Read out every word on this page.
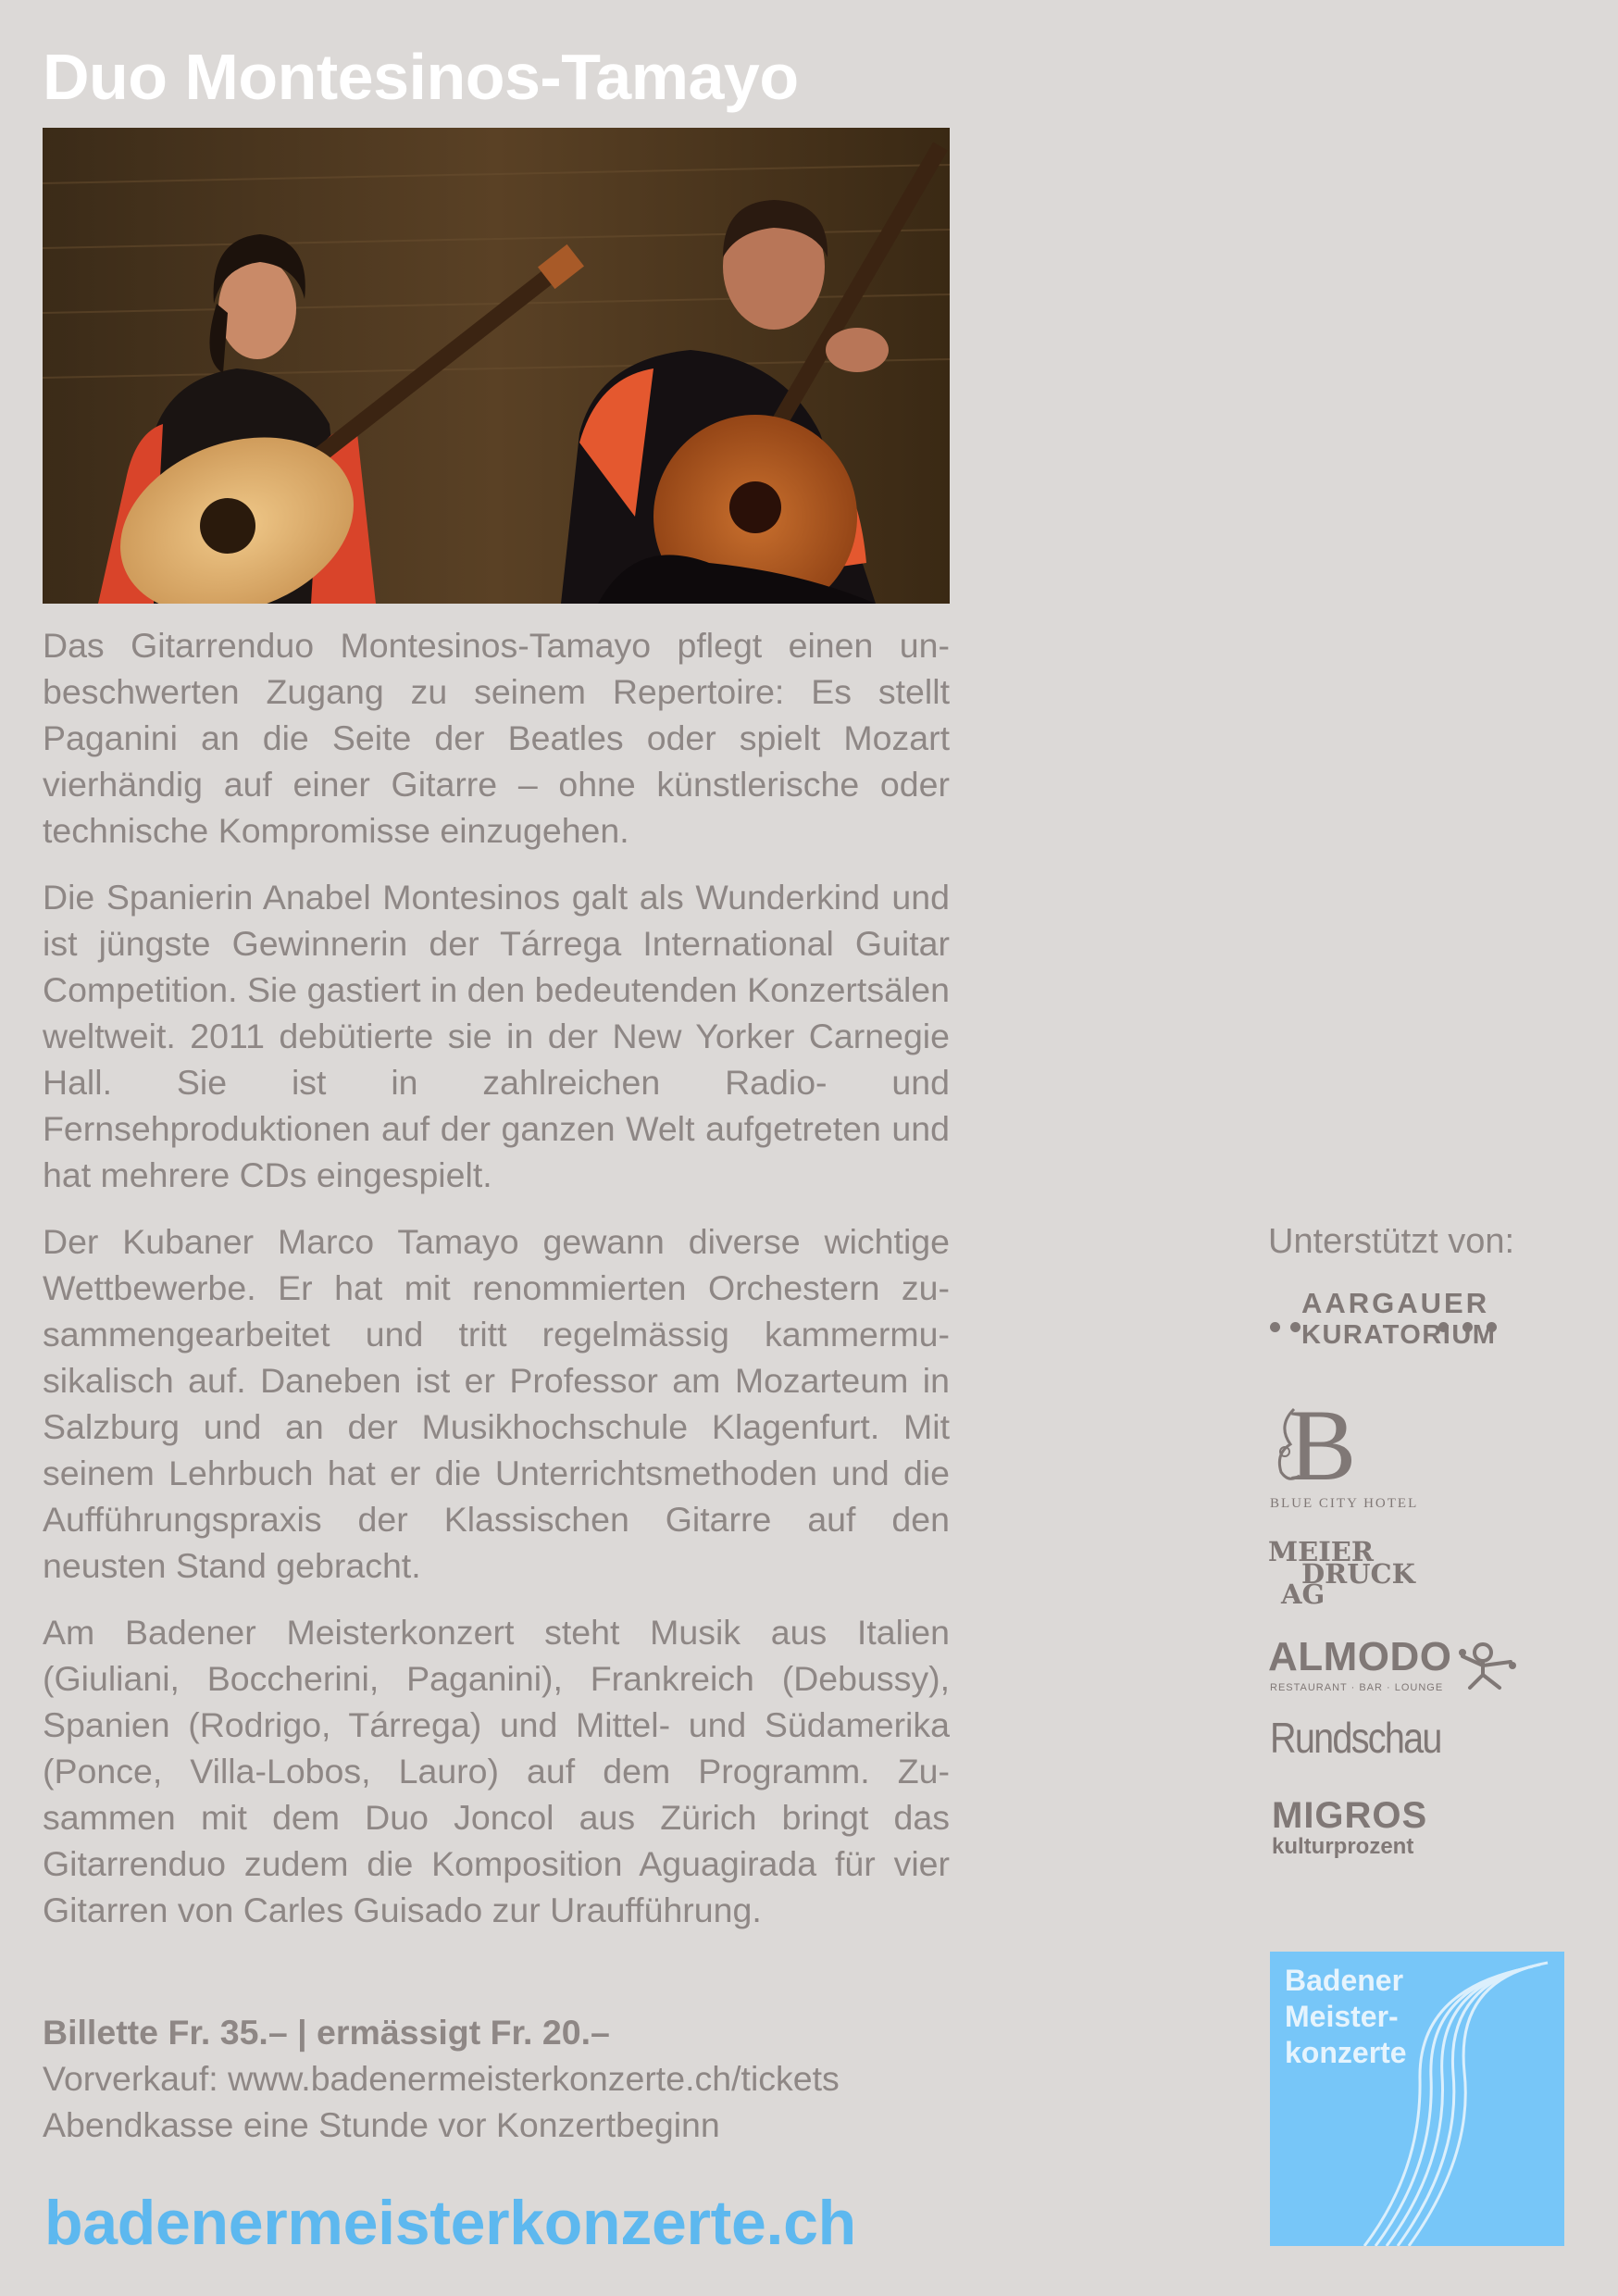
Duo Montesinos-Tamayo

Das Gitarrenduo Montesinos-Tamayo pflegt einen unbeschwerten Zugang zu seinem Repertoire: Es stellt Paganini an die Seite der Beatles oder spielt Mozart vierhändig auf einer Gitarre – ohne künstlerische oder technische Kompromisse einzugehen.

Die Spanierin Anabel Montesinos galt als Wunderkind und ist jüngste Gewinnerin der Tárrega International Guitar Competition. Sie gastiert in den bedeutenden Konzertsälen weltweit. 2011 debütierte sie in der New Yorker Carnegie Hall. Sie ist in zahlreichen Radio- und Fernsehproduktionen auf der ganzen Welt aufgetreten und hat mehrere CDs eingespielt.

Der Kubaner Marco Tamayo gewann diverse wichtige Wettbewerbe. Er hat mit renommierten Orchestern zusammengearbeitet und tritt regelmässig kammermusikalisch auf. Daneben ist er Professor am Mozarteum in Salzburg und an der Musikhochschule Klagenfurt. Mit seinem Lehrbuch hat er die Unterrichtsmethoden und die Aufführungspraxis der Klassischen Gitarre auf den neusten Stand gebracht.

Am Badener Meisterkonzert steht Musik aus Italien (Giuliani, Boccherini, Paganini), Frankreich (Debussy), Spanien (Rodrigo, Tárrega) und Mittel- und Südamerika (Ponce, Villa-Lobos, Lauro) auf dem Programm. Zusammen mit dem Duo Joncol aus Zürich bringt das Gitarrenduo zudem die Komposition Aguagirada für vier Gitarren von Carles Guisado zur Uraufführung.

Billette Fr. 35.– | ermässigt Fr. 20.–
Vorverkauf: www.badenermeisterkonzerte.ch/tickets
Abendkasse eine Stunde vor Konzertbeginn
badenermeisterkonzerte.ch
Unterstützt von:
AARGAUER
KURATORIUM
B
BLUE CITY HOTEL
MEIER
DRUCK
AG
ALMODO
RESTAURANT · BAR · LOUNGE
Rundschau
MIGROS
kulturprozent
Badener
Meister-
konzerte
